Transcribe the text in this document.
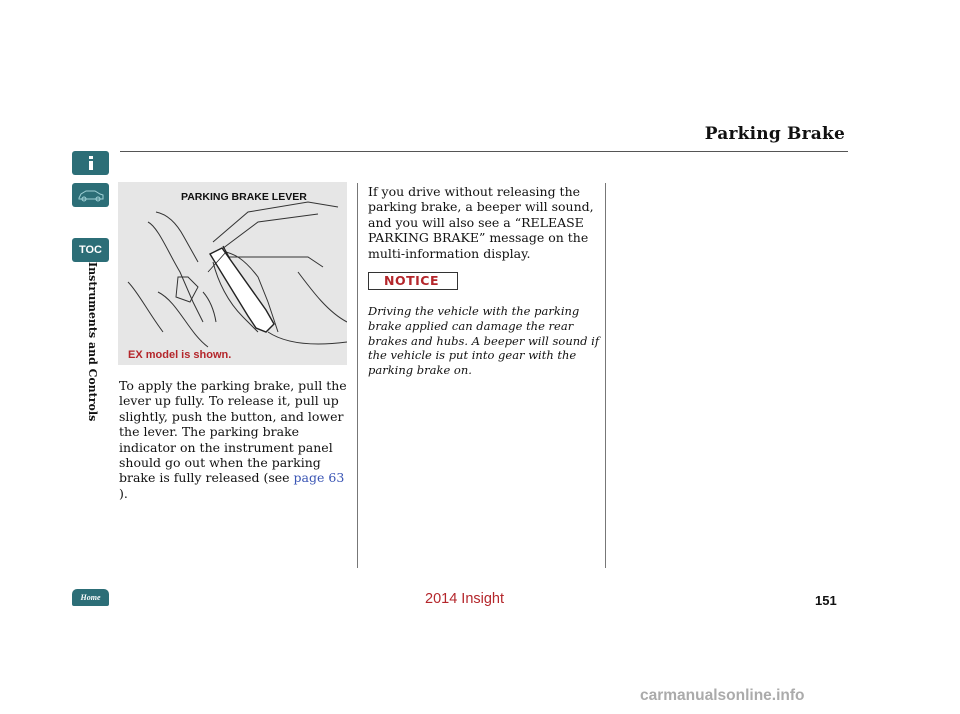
Parking Brake
TOC
Instruments and Controls
Home
PARKING BRAKE LEVER
EX model is shown.
To apply the parking brake, pull the lever up fully. To release it, pull up slightly, push the button, and lower the lever. The parking brake indicator on the instrument panel should go out when the parking brake is fully released (see page 63 ).
If you drive without releasing the parking brake, a beeper will sound, and you will also see a “RELEASE PARKING BRAKE” message on the multi-information display.
NOTICE
Driving the vehicle with the parking brake applied can damage the rear brakes and hubs. A beeper will sound if the vehicle is put into gear with the parking brake on.
2014 Insight	151
carmanualsonline.info
